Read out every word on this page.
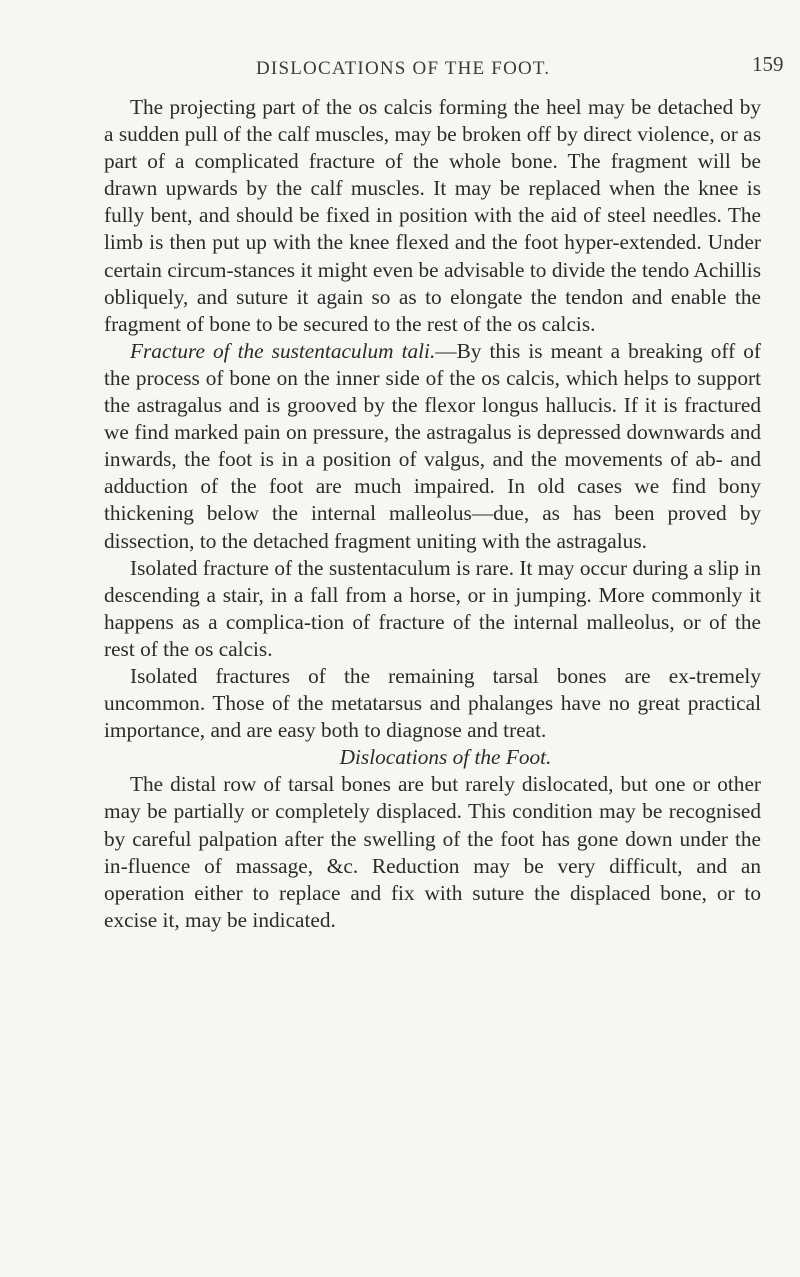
DISLOCATIONS OF THE FOOT.	159

The projecting part of the os calcis forming the heel may be detached by a sudden pull of the calf muscles, may be broken off by direct violence, or as part of a complicated fracture of the whole bone. The fragment will be drawn upwards by the calf muscles. It may be replaced when the knee is fully bent, and should be fixed in position with the aid of steel needles. The limb is then put up with the knee flexed and the foot hyper-extended. Under certain circum-stances it might even be advisable to divide the tendo Achillis obliquely, and suture it again so as to elongate the tendon and enable the fragment of bone to be secured to the rest of the os calcis.

Fracture of the sustentaculum tali.—By this is meant a breaking off of the process of bone on the inner side of the os calcis, which helps to support the astragalus and is grooved by the flexor longus hallucis. If it is fractured we find marked pain on pressure, the astragalus is depressed downwards and inwards, the foot is in a position of valgus, and the movements of ab- and adduction of the foot are much impaired. In old cases we find bony thickening below the internal malleolus—due, as has been proved by dissection, to the detached fragment uniting with the astragalus.

Isolated fracture of the sustentaculum is rare. It may occur during a slip in descending a stair, in a fall from a horse, or in jumping. More commonly it happens as a complica-tion of fracture of the internal malleolus, or of the rest of the os calcis.

Isolated fractures of the remaining tarsal bones are ex-tremely uncommon. Those of the metatarsus and phalanges have no great practical importance, and are easy both to diagnose and treat.

Dislocations of the Foot.

The distal row of tarsal bones are but rarely dislocated, but one or other may be partially or completely displaced. This condition may be recognised by careful palpation after the swelling of the foot has gone down under the in-fluence of massage, &c. Reduction may be very difficult, and an operation either to replace and fix with suture the displaced bone, or to excise it, may be indicated.
